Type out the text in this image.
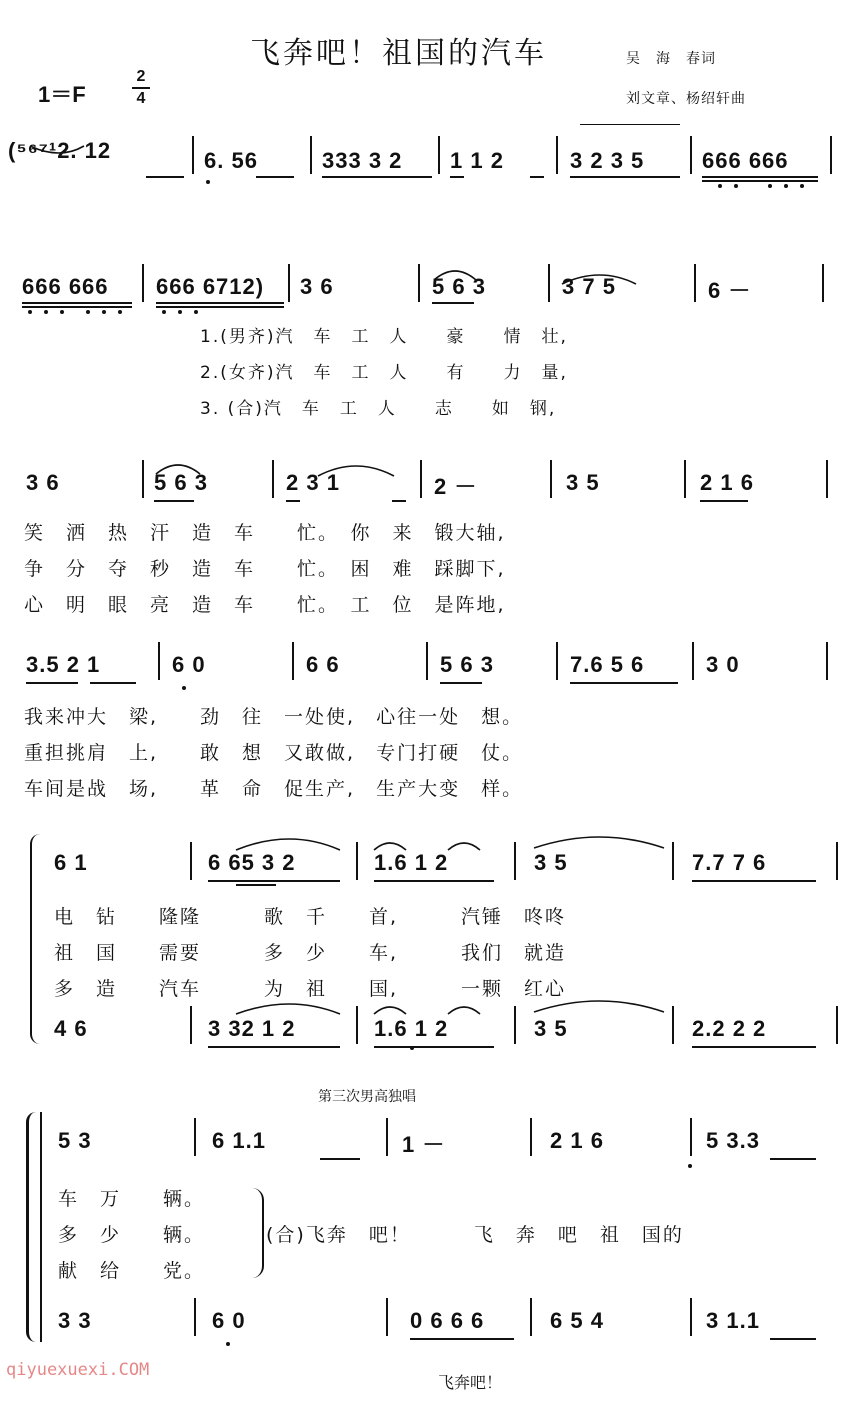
飞奔吧！祖国的汽车	吴　海　春词
刘文章、杨绍轩曲
1＝F
2
4
(⁵⁶⁷¹2. 12	6. 56	333 3 2 1 1 2	3 2 3 5	666 666
666 666 666 6712) 3 6	5 6 3	3 7 5	6 －
1.(男齐)汽　车　工　人　　豪　　情　壮,
2.(女齐)汽　车　工　人　　有　　力　量,
3. (合)汽　车　工　人　　志　　如　钢,
3 6	5 6 3	2 3 1	2 －	3 5	2 1 6
笑　洒　热　汗　造　车　　忙。　你　来　锻大轴,
争　分　夺　秒　造　车　　忙。　困　难　踩脚下,
心　明　眼　亮　造　车　　忙。　工　位　是阵地,
3.5 2 1	6 0	6 6	5 6 3	7.6 5 6	3 0
我来冲大　梁,　　劲　往　一处使,　心往一处　想。
重担挑肩　上,　　敢　想　又敢做,　专门打硬　仗。
车间是战　场,　　革　命　促生产,　生产大变　样。
6 1	6 65 3 2	1.6 1 2	3 5	7.7 7 6
电　钻　　隆隆　　　歌　千　　首,　　　汽锤　咚咚
祖　国　　需要　　　多　少　　车,　　　我们　就造
多　造　　汽车　　　为　祖　　国,　　　一颗　红心
4 6	3 32 1 2	1.6 1 2	3 5	2.2 2 2
第三次男高独唱
5 3	6 1.1	1 －	2 1 6	5 3.3
车　万　　辆。
多　少　　辆。
献　给　　党。
(合)飞奔　吧！　　　飞　奔　吧　祖　国的
3 3	6 0	0 6 6 6	6 5 4	3 1.1
飞奔吧！
qiyuexuexi.COM
